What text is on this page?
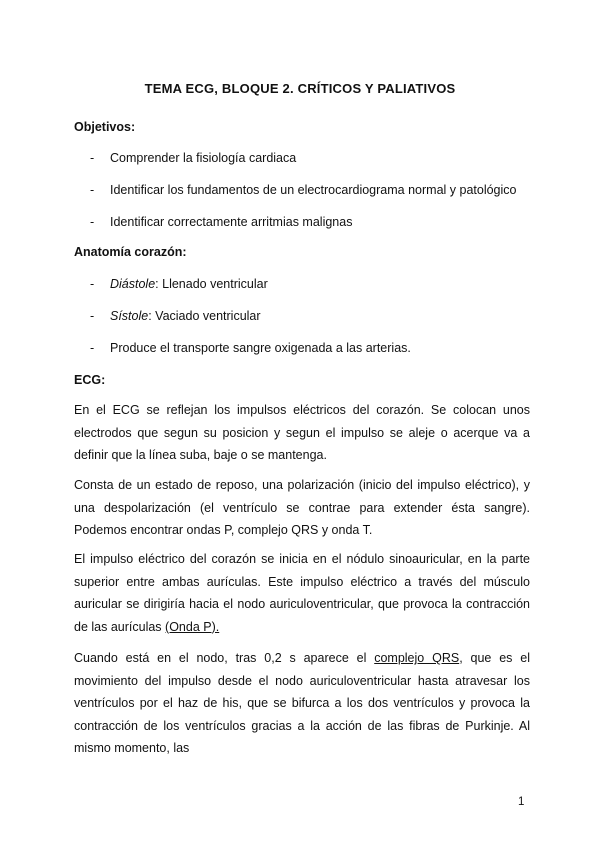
TEMA ECG, BLOQUE 2. CRÍTICOS Y PALIATIVOS
Objetivos:
- Comprender la fisiología cardiaca
- Identificar los fundamentos de un electrocardiograma normal y patológico
- Identificar correctamente arritmias malignas
Anatomía corazón:
- Diástole: Llenado ventricular
- Sístole: Vaciado ventricular
- Produce el transporte sangre oxigenada a las arterias.
ECG:

En el ECG se reflejan los impulsos eléctricos del corazón. Se colocan unos electrodos que segun su posicion y segun el impulso se aleje o acerque va a definir que la línea suba, baje o se mantenga.

Consta de un estado de reposo, una polarización (inicio del impulso eléctrico), y una despolarización (el ventrículo se contrae para extender ésta sangre). Podemos encontrar ondas P, complejo QRS y onda T.

El impulso eléctrico del corazón se inicia en el nódulo sinoauricular, en la parte superior entre ambas aurículas. Este impulso eléctrico a través del músculo auricular se dirigiría hacia el nodo auriculoventricular, que provoca la contracción de las aurículas (Onda P).

Cuando está en el nodo, tras 0,2 s aparece el complejo QRS, que es el movimiento del impulso desde el nodo auriculoventricular hasta atravesar los ventrículos por el haz de his, que se bifurca a los dos ventrículos y provoca la contracción de los ventrículos gracias a la acción de las fibras de Purkinje. Al mismo momento, las

1
